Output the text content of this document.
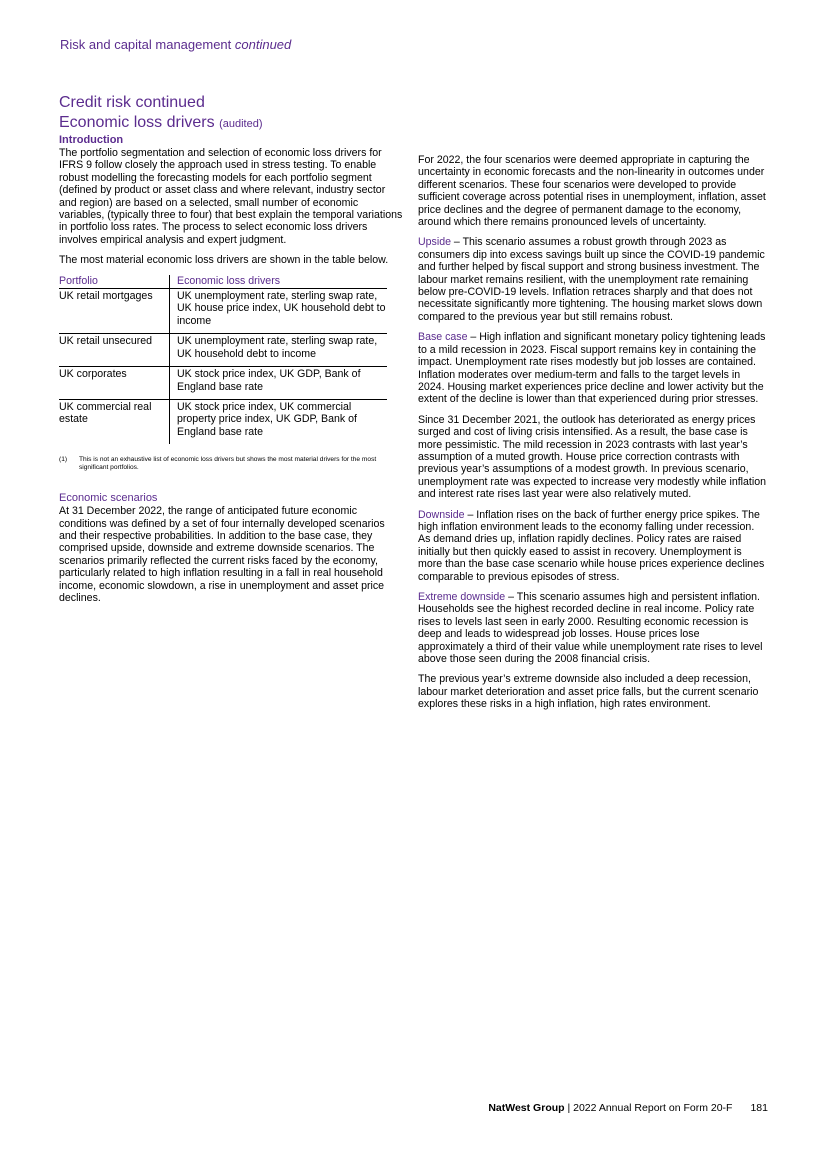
Risk and capital management continued
Credit risk continued
Economic loss drivers (audited)
Introduction

The portfolio segmentation and selection of economic loss drivers for IFRS 9 follow closely the approach used in stress testing. To enable robust modelling the forecasting models for each portfolio segment (defined by product or asset class and where relevant, industry sector and region) are based on a selected, small number of economic variables, (typically three to four) that best explain the temporal variations in portfolio loss rates. The process to select economic loss drivers involves empirical analysis and expert judgment.

The most material economic loss drivers are shown in the table below.

Portfolio	Economic loss drivers
UK retail mortgages	UK unemployment rate, sterling swap rate, UK house price index, UK household debt to income
UK retail unsecured	UK unemployment rate, sterling swap rate, UK household debt to income
UK corporates	UK stock price index, UK GDP, Bank of England base rate
UK commercial real estate	UK stock price index, UK commercial property price index, UK GDP, Bank of England base rate
(1)	This is not an exhaustive list of economic loss drivers but shows the most material drivers for the most significant portfolios.
Economic scenarios

At 31 December 2022, the range of anticipated future economic conditions was defined by a set of four internally developed scenarios and their respective probabilities. In addition to the base case, they comprised upside, downside and extreme downside scenarios. The scenarios primarily reflected the current risks faced by the economy, particularly related to high inflation resulting in a fall in real household income, economic slowdown, a rise in unemployment and asset price declines.

For 2022, the four scenarios were deemed appropriate in capturing the uncertainty in economic forecasts and the non-linearity in outcomes under different scenarios. These four scenarios were developed to provide sufficient coverage across potential rises in unemployment, inflation, asset price declines and the degree of permanent damage to the economy, around which there remains pronounced levels of uncertainty.

Upside – This scenario assumes a robust growth through 2023 as consumers dip into excess savings built up since the COVID-19 pandemic and further helped by fiscal support and strong business investment. The labour market remains resilient, with the unemployment rate remaining below pre-COVID-19 levels. Inflation retraces sharply and that does not necessitate significantly more tightening. The housing market slows down compared to the previous year but still remains robust.

Base case – High inflation and significant monetary policy tightening leads to a mild recession in 2023. Fiscal support remains key in containing the impact. Unemployment rate rises modestly but job losses are contained. Inflation moderates over medium-term and falls to the target levels in 2024. Housing market experiences price decline and lower activity but the extent of the decline is lower than that experienced during prior stresses.

Since 31 December 2021, the outlook has deteriorated as energy prices surged and cost of living crisis intensified. As a result, the base case is more pessimistic. The mild recession in 2023 contrasts with last year’s assumption of a muted growth. House price correction contrasts with previous year’s assumptions of a modest growth. In previous scenario, unemployment rate was expected to increase very modestly while inflation and interest rate rises last year were also relatively muted.

Downside – Inflation rises on the back of further energy price spikes. The high inflation environment leads to the economy falling under recession. As demand dries up, inflation rapidly declines. Policy rates are raised initially but then quickly eased to assist in recovery. Unemployment is more than the base case scenario while house prices experience declines comparable to previous episodes of stress.

Extreme downside – This scenario assumes high and persistent inflation. Households see the highest recorded decline in real income. Policy rate rises to levels last seen in early 2000. Resulting economic recession is deep and leads to widespread job losses. House prices lose approximately a third of their value while unemployment rate rises to level above those seen during the 2008 financial crisis.

The previous year’s extreme downside also included a deep recession, labour market deterioration and asset price falls, but the current scenario explores these risks in a high inflation, high rates environment.

NatWest Group | 2022 Annual Report on Form 20-F 181
